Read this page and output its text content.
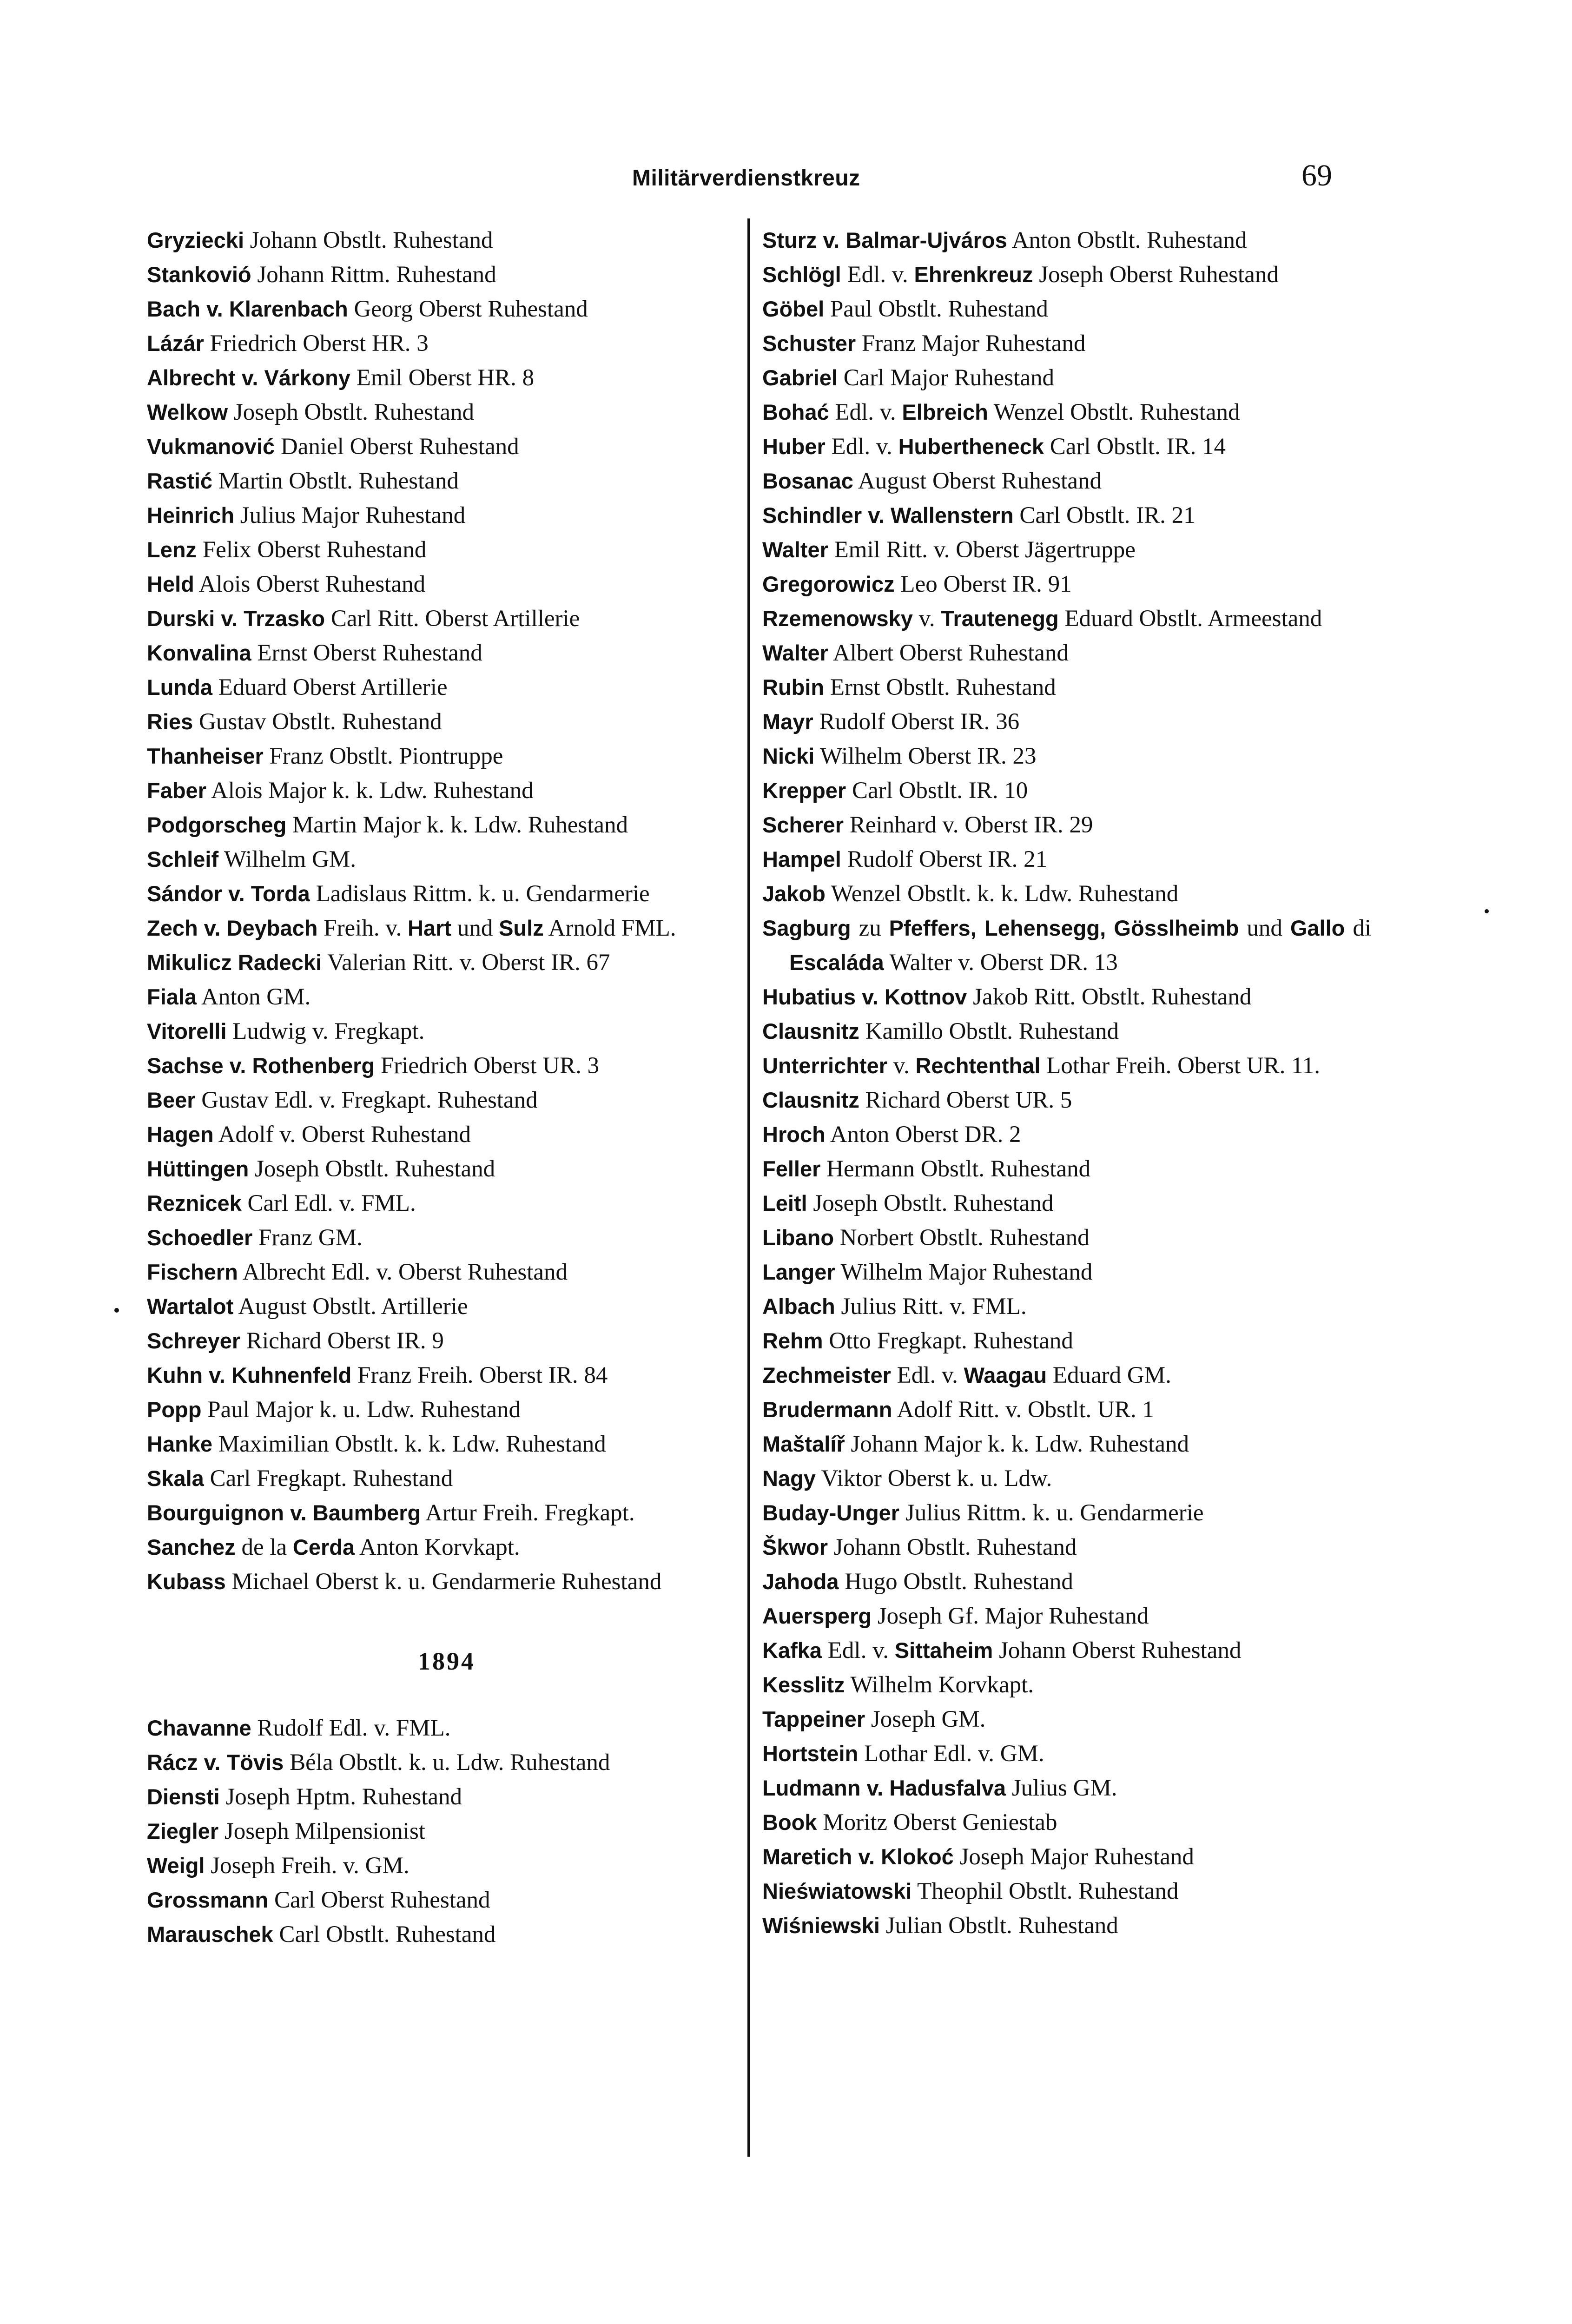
Militärverdienstkreuz	69

Gryziecki Johann Obstlt. Ruhestand

Stankovió Johann Rittm. Ruhestand

Bach v. Klarenbach Georg Oberst Ruhestand

Lázár Friedrich Oberst HR. 3

Albrecht v. Várkony Emil Oberst HR. 8

Welkow Joseph Obstlt. Ruhestand

Vukmanović Daniel Oberst Ruhestand

Rastić Martin Obstlt. Ruhestand

Heinrich Julius Major Ruhestand

Lenz Felix Oberst Ruhestand

Held Alois Oberst Ruhestand

Durski v. Trzasko Carl Ritt. Oberst Artillerie

Konvalina Ernst Oberst Ruhestand

Lunda Eduard Oberst Artillerie

Ries Gustav Obstlt. Ruhestand

Thanheiser Franz Obstlt. Piontruppe

Faber Alois Major k. k. Ldw. Ruhestand

Podgorscheg Martin Major k. k. Ldw. Ruhestand

Schleif Wilhelm GM.

Sándor v. Torda Ladislaus Rittm. k. u. Gendarmerie

Zech v. Deybach Freih. v. Hart und Sulz Arnold FML.

Mikulicz Radecki Valerian Ritt. v. Oberst IR. 67

Fiala Anton GM.

Vitorelli Ludwig v. Fregkapt.

Sachse v. Rothenberg Friedrich Oberst UR. 3

Beer Gustav Edl. v. Fregkapt. Ruhestand

Hagen Adolf v. Oberst Ruhestand

Hüttingen Joseph Obstlt. Ruhestand

Reznicek Carl Edl. v. FML.

Schoedler Franz GM.

Fischern Albrecht Edl. v. Oberst Ruhestand

Wartalot August Obstlt. Artillerie

Schreyer Richard Oberst IR. 9

Kuhn v. Kuhnenfeld Franz Freih. Oberst IR. 84

Popp Paul Major k. u. Ldw. Ruhestand

Hanke Maximilian Obstlt. k. k. Ldw. Ruhestand

Skala Carl Fregkapt. Ruhestand

Bourguignon v. Baumberg Artur Freih. Fregkapt.

Sanchez de la Cerda Anton Korvkapt.

Kubass Michael Oberst k. u. Gendarmerie Ruhestand

1894

Chavanne Rudolf Edl. v. FML.

Rácz v. Tövis Béla Obstlt. k. u. Ldw. Ruhestand

Diensti Joseph Hptm. Ruhestand

Ziegler Joseph Milpensionist

Weigl Joseph Freih. v. GM.

Grossmann Carl Oberst Ruhestand

Marauschek Carl Obstlt. Ruhestand

Sturz v. Balmar-Ujváros Anton Obstlt. Ruhestand

Schlögl Edl. v. Ehrenkreuz Joseph Oberst Ruhestand

Göbel Paul Obstlt. Ruhestand

Schuster Franz Major Ruhestand

Gabriel Carl Major Ruhestand

Bohać Edl. v. Elbreich Wenzel Obstlt. Ruhestand

Huber Edl. v. Hubertheneck Carl Obstlt. IR. 14

Bosanac August Oberst Ruhestand

Schindler v. Wallenstern Carl Obstlt. IR. 21

Walter Emil Ritt. v. Oberst Jägertruppe

Gregorowicz Leo Oberst IR. 91

Rzemenowsky v. Trautenegg Eduard Obstlt. Armeestand

Walter Albert Oberst Ruhestand

Rubin Ernst Obstlt. Ruhestand

Mayr Rudolf Oberst IR. 36

Nicki Wilhelm Oberst IR. 23

Krepper Carl Obstlt. IR. 10

Scherer Reinhard v. Oberst IR. 29

Hampel Rudolf Oberst IR. 21

Jakob Wenzel Obstlt. k. k. Ldw. Ruhestand

Sagburg zu Pfeffers, Lehensegg, Gösslheimb und Gallo di Escaláda Walter v. Oberst DR. 13

Hubatius v. Kottnov Jakob Ritt. Obstlt. Ruhestand

Clausnitz Kamillo Obstlt. Ruhestand

Unterrichter v. Rechtenthal Lothar Freih. Oberst UR. 11.

Clausnitz Richard Oberst UR. 5

Hroch Anton Oberst DR. 2

Feller Hermann Obstlt. Ruhestand

Leitl Joseph Obstlt. Ruhestand

Libano Norbert Obstlt. Ruhestand

Langer Wilhelm Major Ruhestand

Albach Julius Ritt. v. FML.

Rehm Otto Fregkapt. Ruhestand

Zechmeister Edl. v. Waagau Eduard GM.

Brudermann Adolf Ritt. v. Obstlt. UR. 1

Maštalíř Johann Major k. k. Ldw. Ruhestand

Nagy Viktor Oberst k. u. Ldw.

Buday-Unger Julius Rittm. k. u. Gendarmerie

Škwor Johann Obstlt. Ruhestand

Jahoda Hugo Obstlt. Ruhestand

Auersperg Joseph Gf. Major Ruhestand

Kafka Edl. v. Sittaheim Johann Oberst Ruhestand

Kesslitz Wilhelm Korvkapt.

Tappeiner Joseph GM.

Hortstein Lothar Edl. v. GM.

Ludmann v. Hadusfalva Julius GM.

Book Moritz Oberst Geniestab

Maretich v. Klokoć Joseph Major Ruhestand

Nieświatowski Theophil Obstlt. Ruhestand

Wiśniewski Julian Obstlt. Ruhestand
